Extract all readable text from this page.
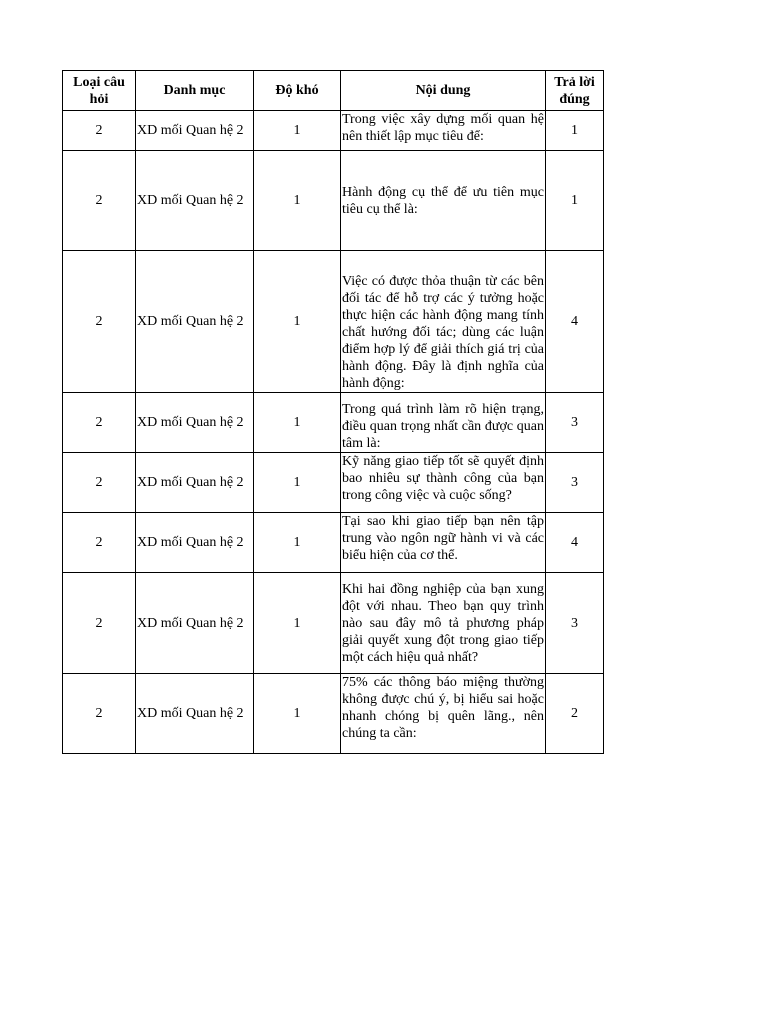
Loại câu hỏi	Danh mục	Độ khó	Nội dung	Trả lời đúng
2	XD mối Quan hệ 2	1	Trong việc xây dựng mối quan hệ nên thiết lập mục tiêu để:	1
2	XD mối Quan hệ 2	1	Hành động cụ thể để ưu tiên mục tiêu cụ thể là:	1
2	XD mối Quan hệ 2	1	Việc có được thỏa thuận từ các bên đối tác để hỗ trợ các ý tưởng hoặc thực hiện các hành động mang tính chất hướng đối tác; dùng các luận điểm hợp lý để giải thích giá trị của hành động. Đây là định nghĩa của hành động:	4
2	XD mối Quan hệ 2	1	Trong quá trình làm rõ hiện trạng, điều quan trọng nhất cần được quan tâm là:	3
2	XD mối Quan hệ 2	1	Kỹ năng giao tiếp tốt sẽ quyết định bao nhiêu sự thành công của bạn trong công việc và cuộc sống?	3
2	XD mối Quan hệ 2	1	Tại sao khi giao tiếp bạn nên tập trung vào ngôn ngữ hành vi và các biểu hiện của cơ thể.	4
2	XD mối Quan hệ 2	1	Khi hai đồng nghiệp của bạn xung đột với nhau. Theo bạn quy trình nào sau đây mô tả phương pháp giải quyết xung đột trong giao tiếp một cách hiệu quả nhất?	3
2	XD mối Quan hệ 2	1	75% các thông báo miệng thường không được chú ý, bị hiểu sai hoặc nhanh chóng bị quên lãng., nên chúng ta cần:	2
